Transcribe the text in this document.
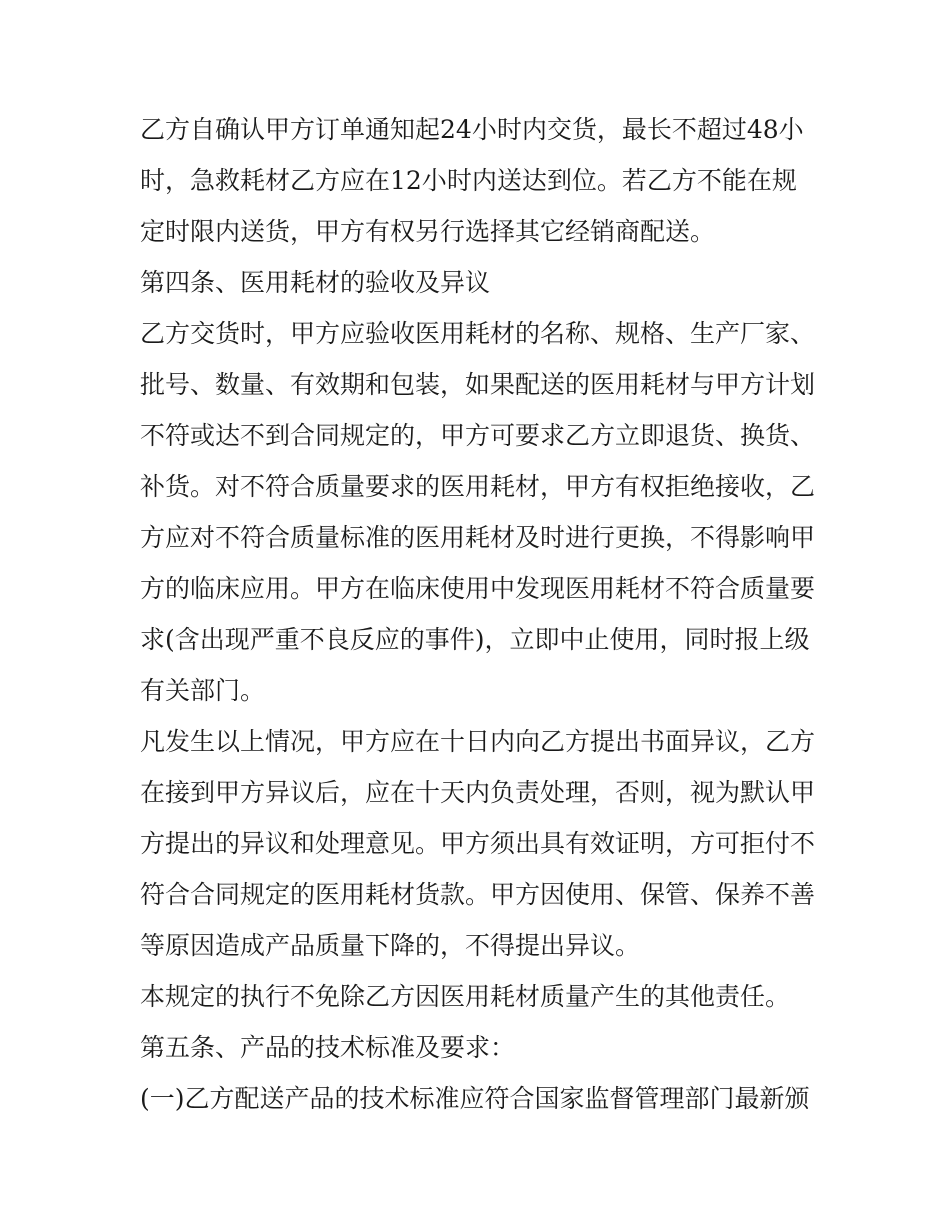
乙方自确认甲方订单通知起24小时内交货，最长不超过48小
时，急救耗材乙方应在12小时内送达到位。若乙方不能在规
定时限内送货，甲方有权另行选择其它经销商配送。

第四条、医用耗材的验收及异议

乙方交货时，甲方应验收医用耗材的名称、规格、生产厂家、
批号、数量、有效期和包装，如果配送的医用耗材与甲方计划
不符或达不到合同规定的，甲方可要求乙方立即退货、换货、
补货。对不符合质量要求的医用耗材，甲方有权拒绝接收，乙
方应对不符合质量标准的医用耗材及时进行更换，不得影响甲
方的临床应用。甲方在临床使用中发现医用耗材不符合质量要
求(含出现严重不良反应的事件)，立即中止使用，同时报上级
有关部门。

凡发生以上情况，甲方应在十日内向乙方提出书面异议，乙方
在接到甲方异议后，应在十天内负责处理，否则，视为默认甲
方提出的异议和处理意见。甲方须出具有效证明，方可拒付不
符合合同规定的医用耗材货款。甲方因使用、保管、保养不善
等原因造成产品质量下降的，不得提出异议。

本规定的执行不免除乙方因医用耗材质量产生的其他责任。

第五条、产品的技术标准及要求：

(一)乙方配送产品的技术标准应符合国家监督管理部门最新颁
